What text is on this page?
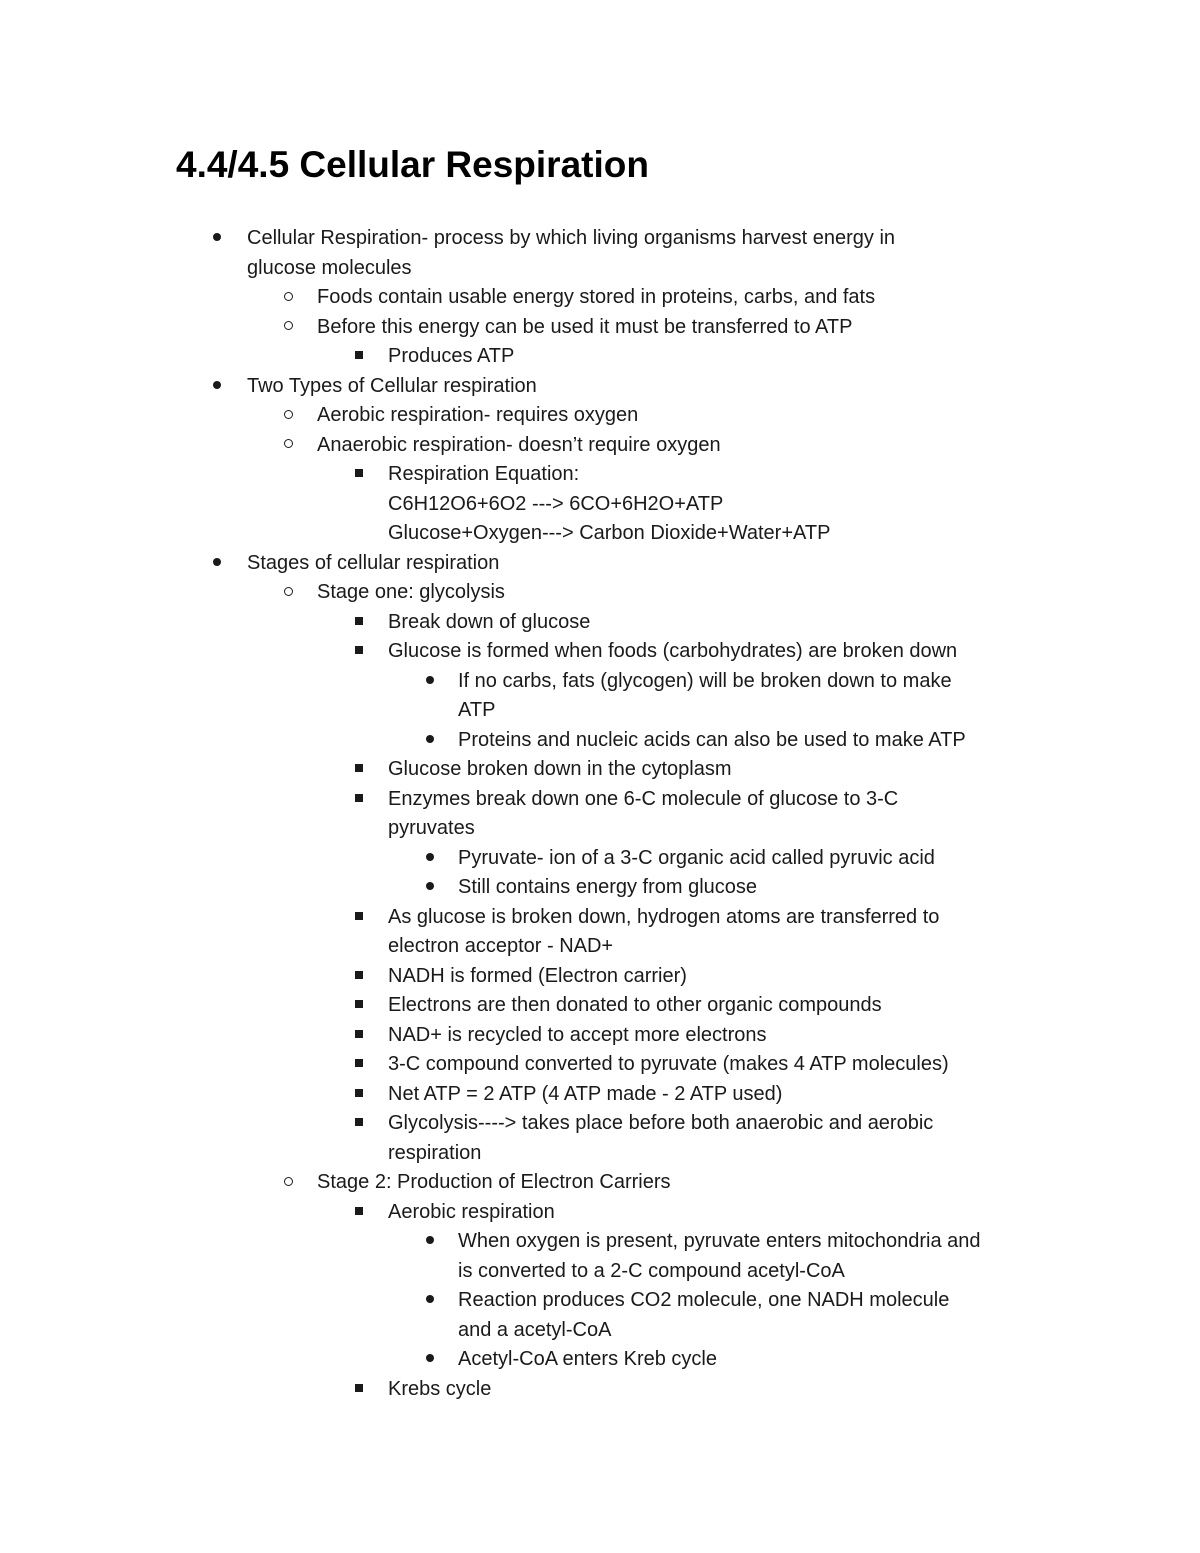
4.4/4.5 Cellular Respiration
Cellular Respiration- process by which living organisms harvest energy in
glucose molecules
Foods contain usable energy stored in proteins, carbs, and fats
Before this energy can be used it must be transferred to ATP
Produces ATP
Two Types of Cellular respiration
Aerobic respiration- requires oxygen
Anaerobic respiration- doesn’t require oxygen
Respiration Equation:
C6H12O6+6O2 ---> 6CO+6H2O+ATP
Glucose+Oxygen---> Carbon Dioxide+Water+ATP
Stages of cellular respiration
Stage one: glycolysis
Break down of glucose
Glucose is formed when foods (carbohydrates) are broken down
If no carbs, fats (glycogen) will be broken down to make
ATP
Proteins and nucleic acids can also be used to make ATP
Glucose broken down in the cytoplasm
Enzymes break down one 6-C molecule of glucose to 3-C
pyruvates
Pyruvate- ion of a 3-C organic acid called pyruvic acid
Still contains energy from glucose
As glucose is broken down, hydrogen atoms are transferred to
electron acceptor - NAD+
NADH is formed (Electron carrier)
Electrons are then donated to other organic compounds
NAD+ is recycled to accept more electrons
3-C compound converted to pyruvate (makes 4 ATP molecules)
Net ATP = 2 ATP (4 ATP made - 2 ATP used)
Glycolysis----> takes place before both anaerobic and aerobic
respiration
Stage 2: Production of Electron Carriers
Aerobic respiration
When oxygen is present, pyruvate enters mitochondria and
is converted to a 2-C compound acetyl-CoA
Reaction produces CO2 molecule, one NADH molecule
and a acetyl-CoA
Acetyl-CoA enters Kreb cycle
Krebs cycle
